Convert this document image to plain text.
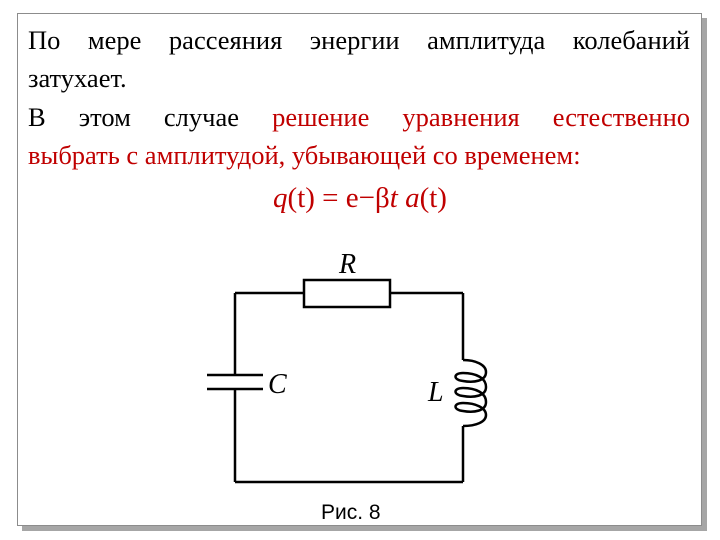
По мере рассеяния энергии амплитуда колебаний
затухает.
В этом случае решение уравнения естественно
выбрать с амплитудой, убывающей со временем:
q(t) = e−βt a(t)
R
C	L
Рис. 8
